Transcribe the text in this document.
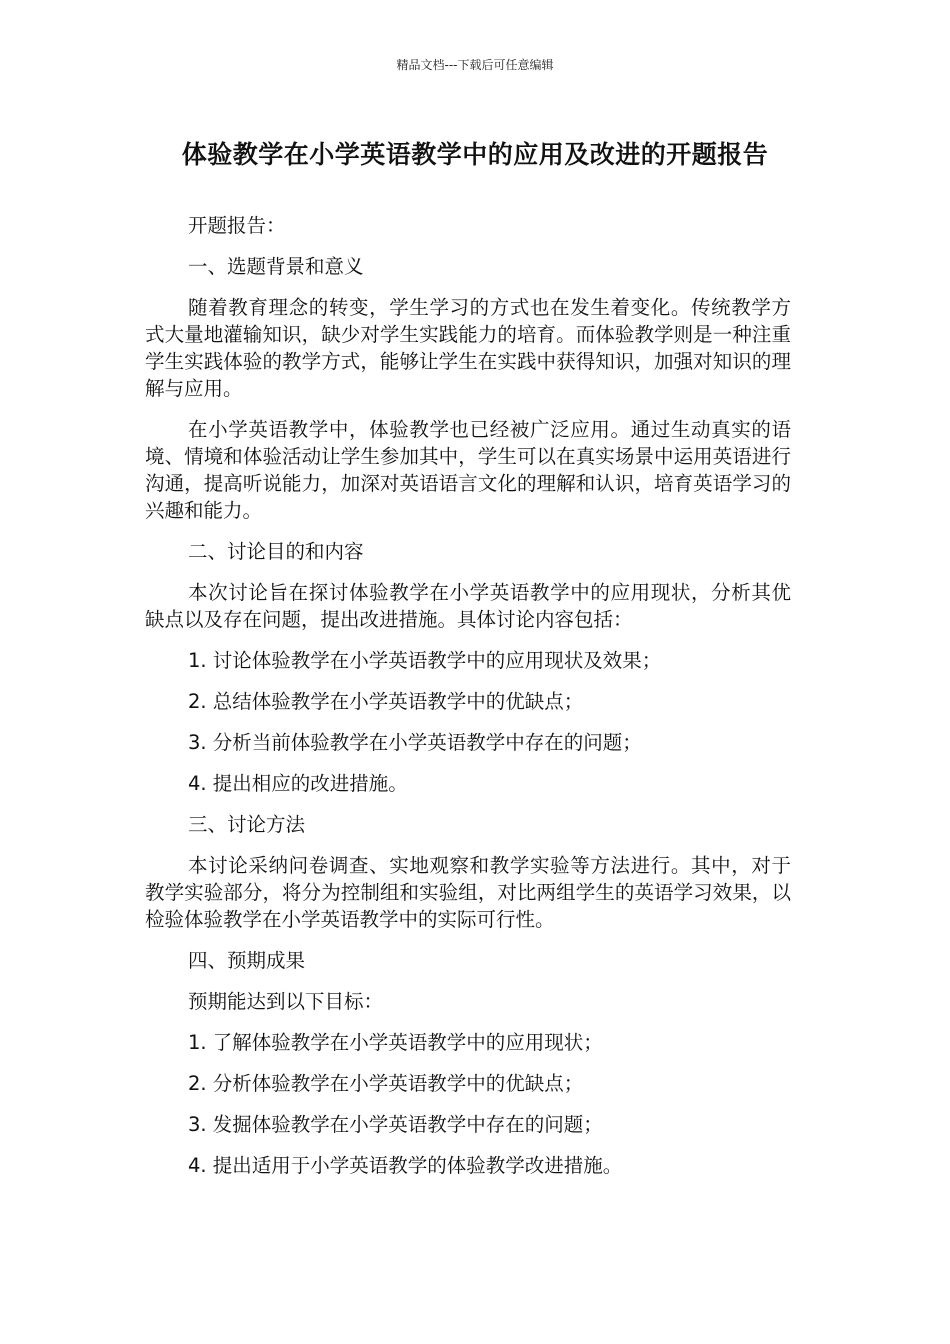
精品文档---下载后可任意编辑
体验教学在小学英语教学中的应用及改进的开题报告

开题报告：

一、选题背景和意义

随着教育理念的转变，学生学习的方式也在发生着变化。传统教学方式大量地灌输知识，缺少对学生实践能力的培育。而体验教学则是一种注重学生实践体验的教学方式，能够让学生在实践中获得知识，加强对知识的理解与应用。

在小学英语教学中，体验教学也已经被广泛应用。通过生动真实的语境、情境和体验活动让学生参加其中，学生可以在真实场景中运用英语进行沟通，提高听说能力，加深对英语语言文化的理解和认识，培育英语学习的兴趣和能力。

二、讨论目的和内容

本次讨论旨在探讨体验教学在小学英语教学中的应用现状，分析其优缺点以及存在问题，提出改进措施。具体讨论内容包括：

1. 讨论体验教学在小学英语教学中的应用现状及效果；

2. 总结体验教学在小学英语教学中的优缺点；

3. 分析当前体验教学在小学英语教学中存在的问题；

4. 提出相应的改进措施。

三、讨论方法

本讨论采纳问卷调查、实地观察和教学实验等方法进行。其中，对于教学实验部分，将分为控制组和实验组，对比两组学生的英语学习效果，以检验体验教学在小学英语教学中的实际可行性。

四、预期成果

预期能达到以下目标：

1. 了解体验教学在小学英语教学中的应用现状；

2. 分析体验教学在小学英语教学中的优缺点；

3. 发掘体验教学在小学英语教学中存在的问题；

4. 提出适用于小学英语教学的体验教学改进措施。
